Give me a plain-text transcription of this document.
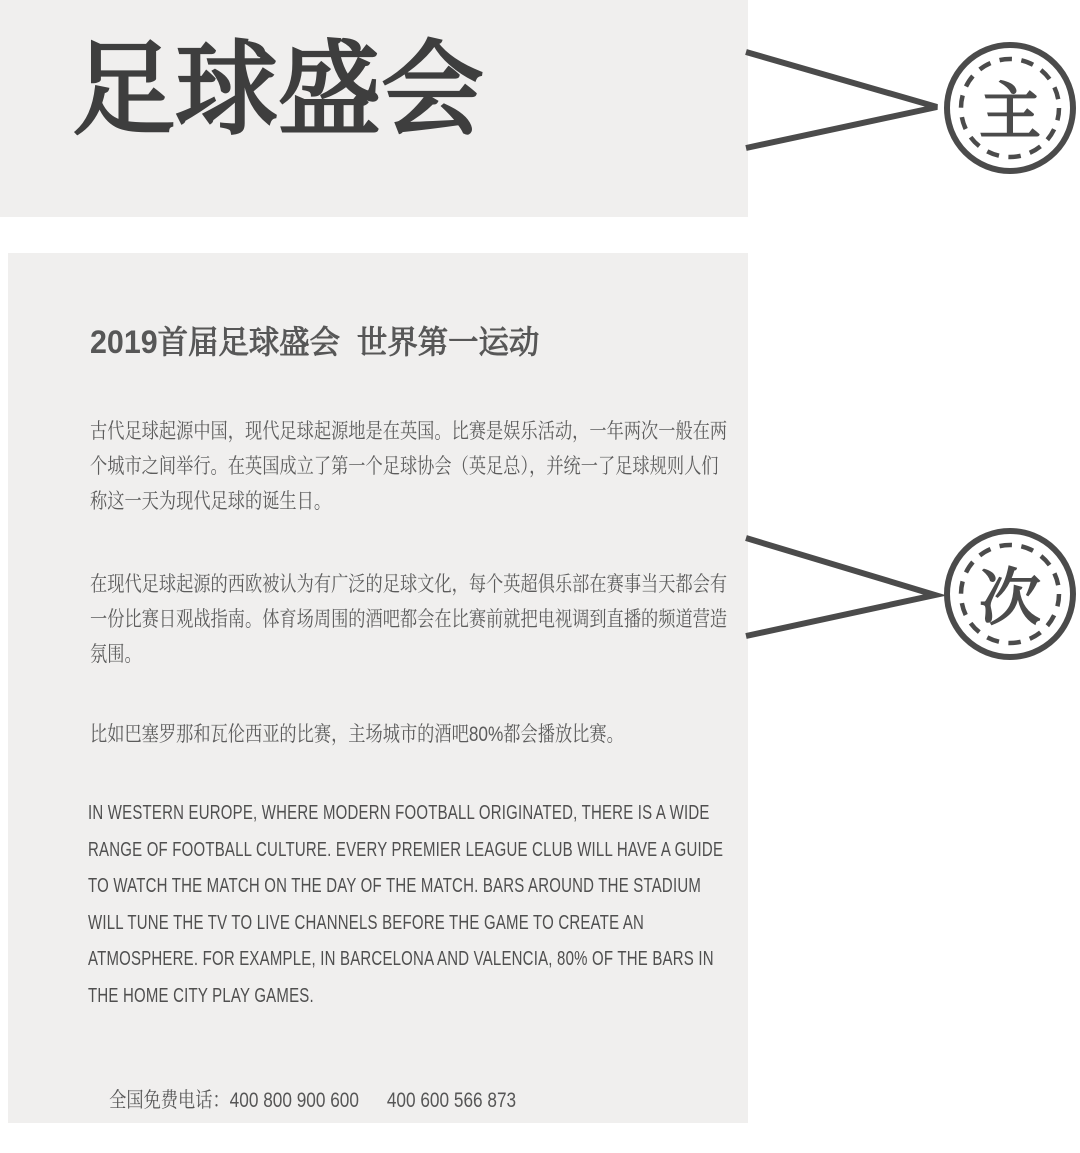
足球盛会	主
次
2019首届足球盛会  世界第一运动
古代足球起源中国，现代足球起源地是在英国。比赛是娱乐活动，一年两次一般在两
个城市之间举行。在英国成立了第一个足球协会（英足总），并统一了足球规则人们
称这一天为现代足球的诞生日。
在现代足球起源的西欧被认为有广泛的足球文化，每个英超俱乐部在赛事当天都会有
一份比赛日观战指南。体育场周围的酒吧都会在比赛前就把电视调到直播的频道营造
氛围。
比如巴塞罗那和瓦伦西亚的比赛，主场城市的酒吧80%都会播放比赛。
IN WESTERN EUROPE, WHERE MODERN FOOTBALL ORIGINATED, THERE IS A WIDE
RANGE OF FOOTBALL CULTURE. EVERY PREMIER LEAGUE CLUB WILL HAVE A GUIDE
TO WATCH THE MATCH ON THE DAY OF THE MATCH. BARS AROUND THE STADIUM
WILL TUNE THE TV TO LIVE CHANNELS BEFORE THE GAME TO CREATE AN
ATMOSPHERE. FOR EXAMPLE, IN BARCELONA AND VALENCIA, 80% OF THE BARS IN
THE HOME CITY PLAY GAMES.

全国免费电话：400 800 900 600 400 600 566 873
